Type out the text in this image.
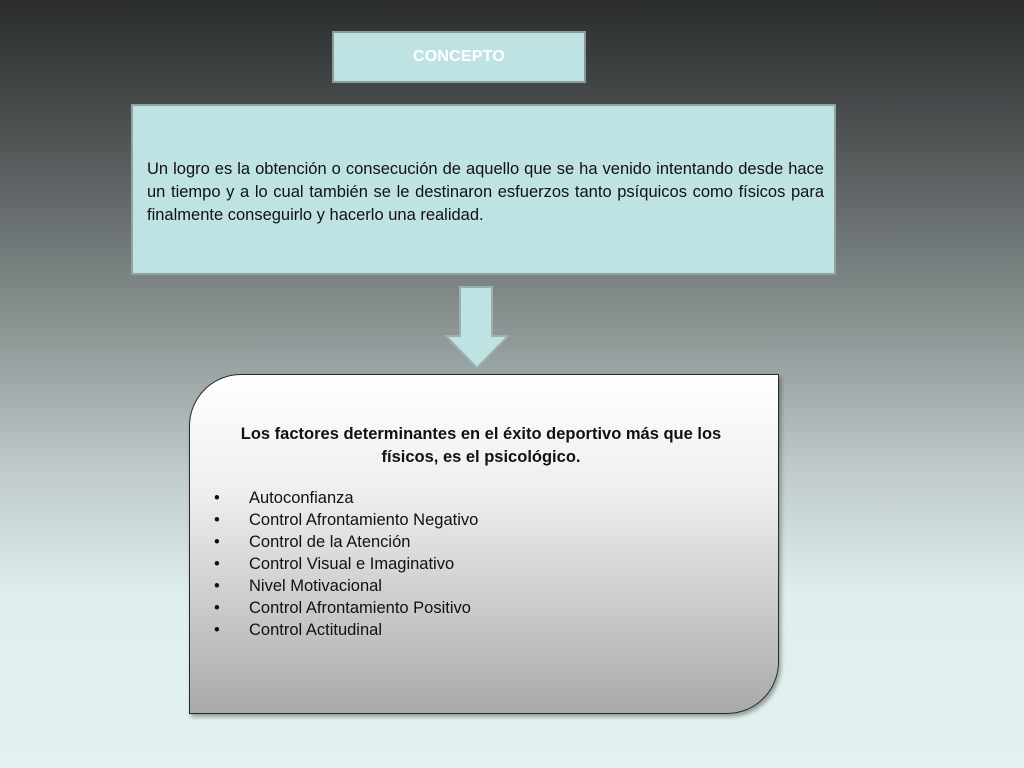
CONCEPTO
Un logro es la obtención o consecución de aquello que se ha venido intentando desde hace un tiempo y a lo cual también se le destinaron esfuerzos tanto psíquicos como físicos para finalmente conseguirlo y hacerlo una realidad.

Los factores determinantes en el éxito deportivo más que los físicos, es el psicológico.

•	Autoconfianza
•	Control Afrontamiento Negativo
•	Control de la Atención
•	Control Visual e Imaginativo
•	Nivel Motivacional
•	Control Afrontamiento Positivo
•	Control Actitudinal
